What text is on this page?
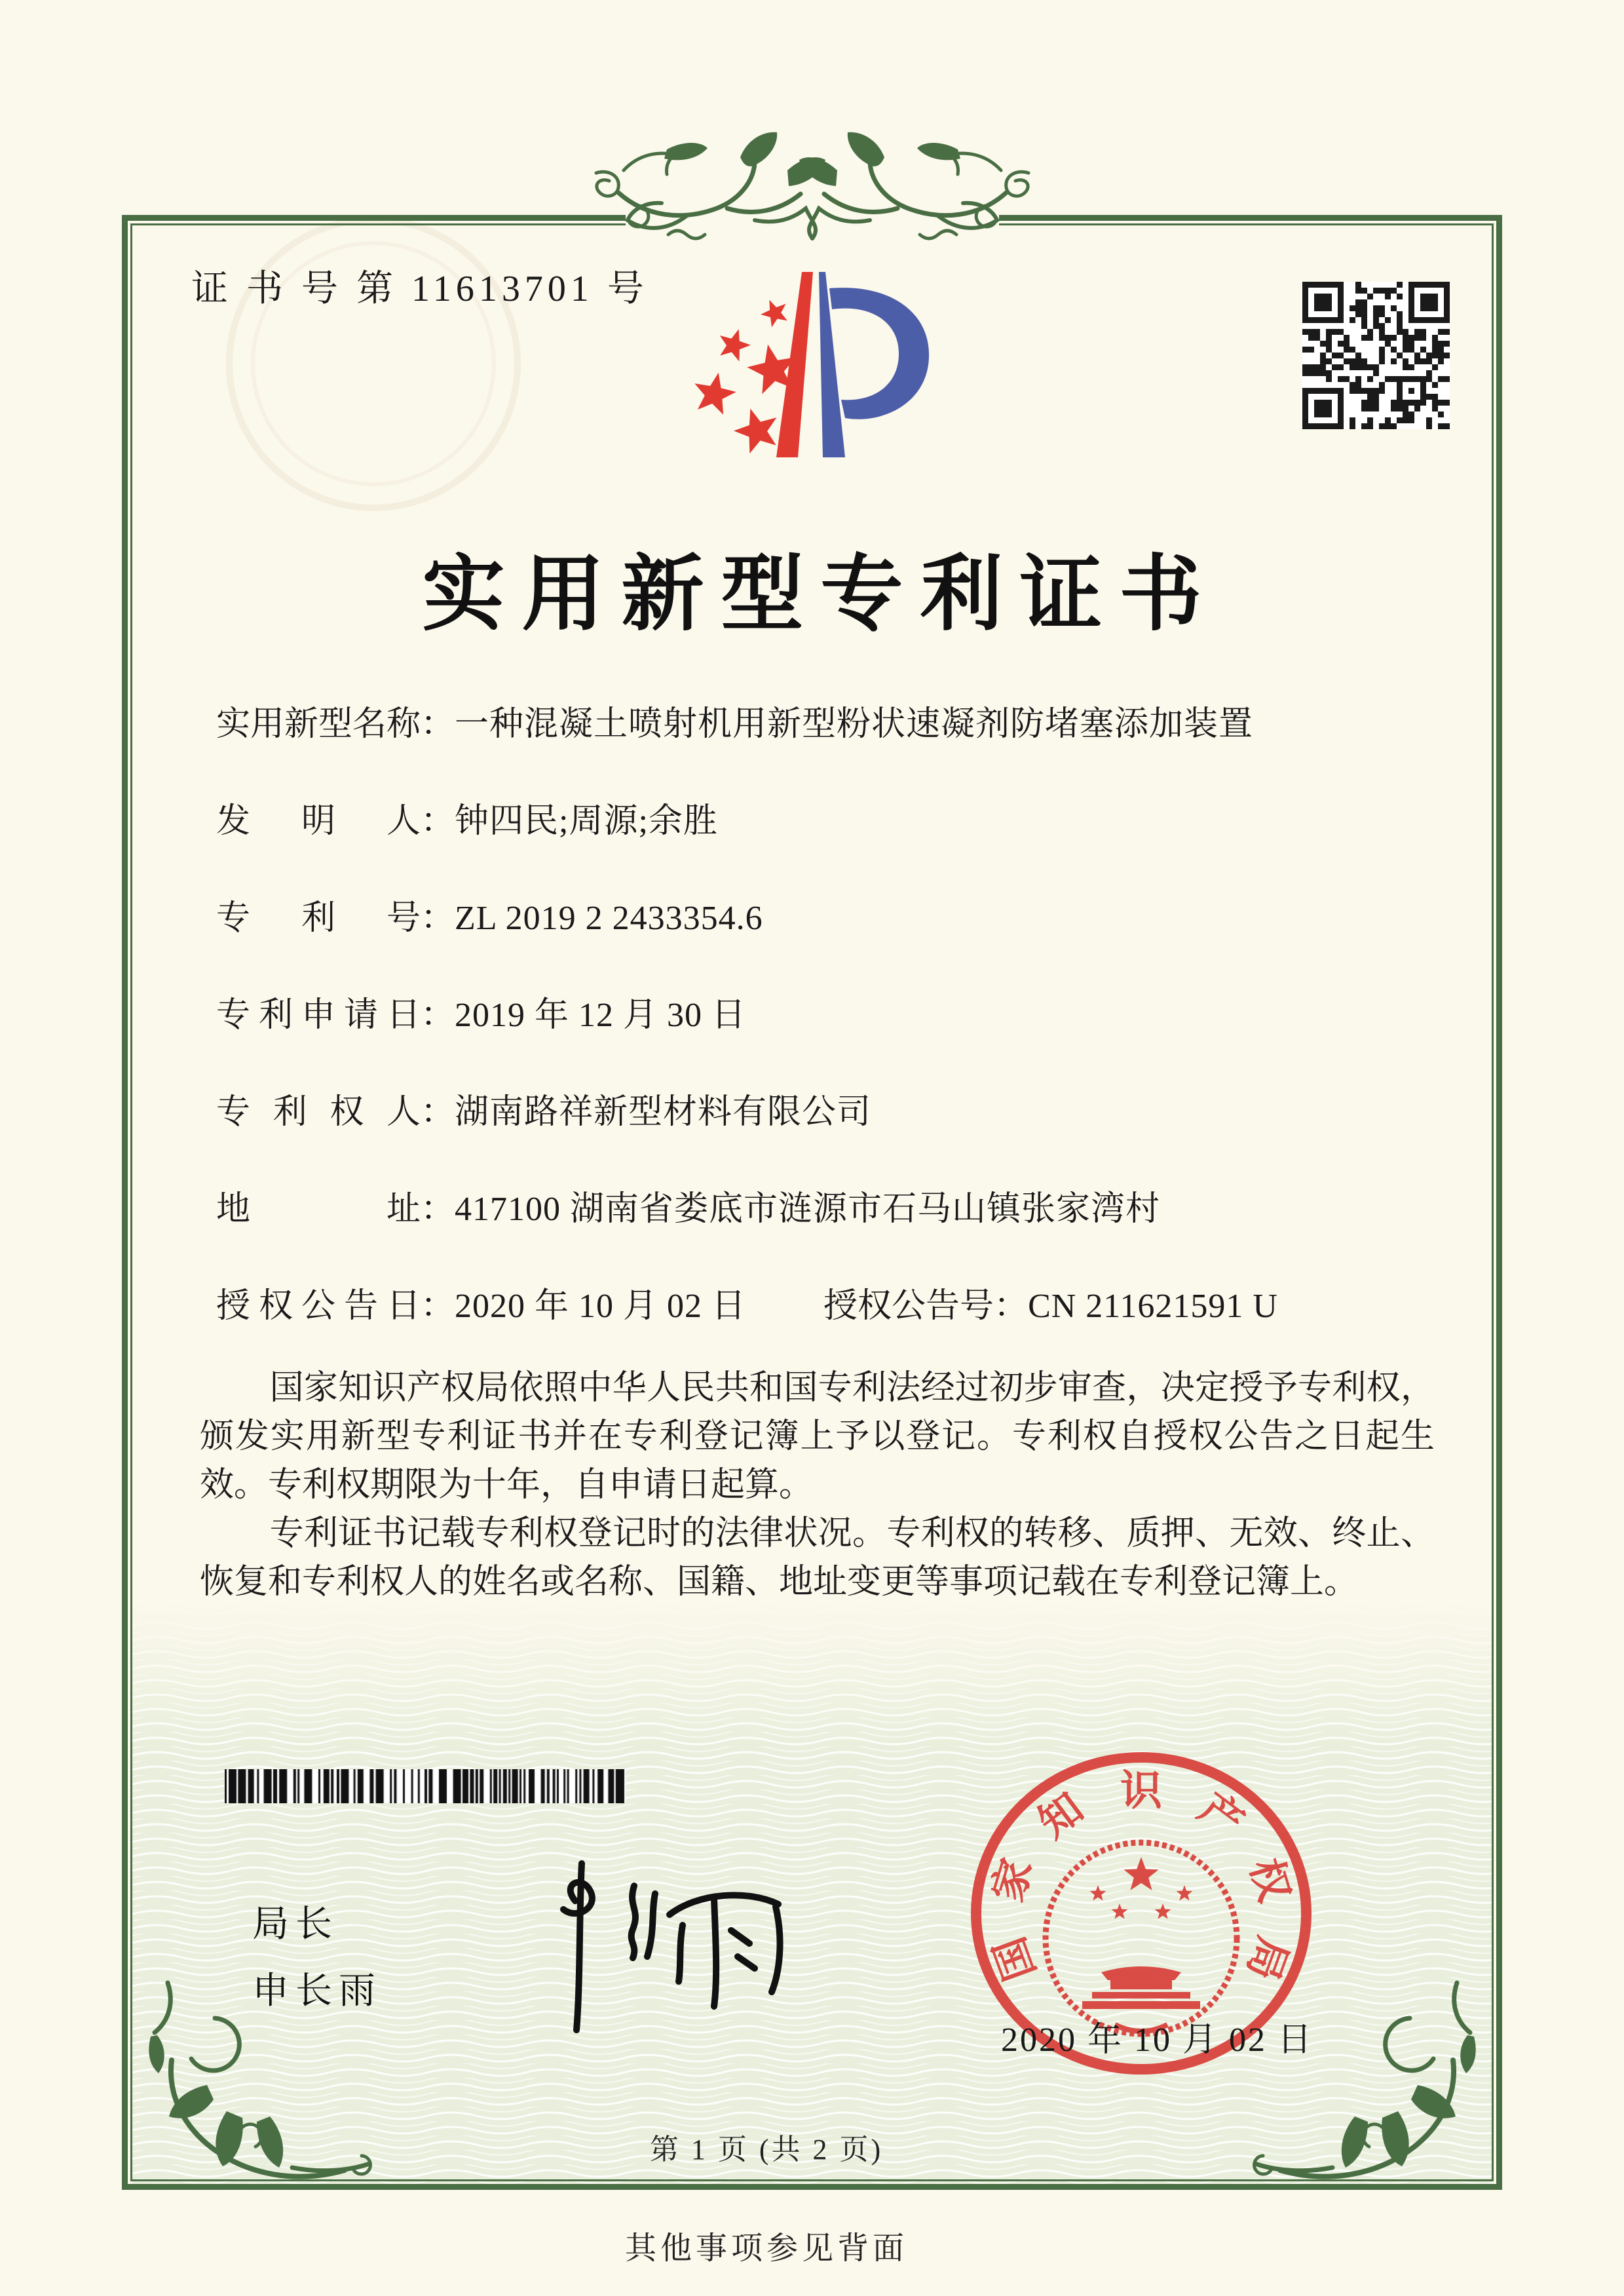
证 书 号 第 11613701 号
实用新型专利证书
实用新型名称：一种混凝土喷射机用新型粉状速凝剂防堵塞添加装置
发明人：钟四民;周源;余胜
专利号：ZL 2019 2 2433354.6
专利申请日：2019 年 12 月 30 日
专利权人：湖南路祥新型材料有限公司
地址：417100 湖南省娄底市涟源市石马山镇张家湾村
授权公告日：2020 年 10 月 02 日 授权公告号：CN 211621591 U

国家知识产权局依照中华人民共和国专利法经过初步审查，决定授予专利权，颁发实用新型专利证书并在专利登记簿上予以登记。专利权自授权公告之日起生效。专利权期限为十年，自申请日起算。

专利证书记载专利权登记时的法律状况。专利权的转移、质押、无效、终止、恢复和专利权人的姓名或名称、国籍、地址变更等事项记载在专利登记簿上。

局长
申长雨
国
家
知 识 产
权
局
2020 年 10 月 02 日
第 1 页 (共 2 页)
其他事项参见背面
